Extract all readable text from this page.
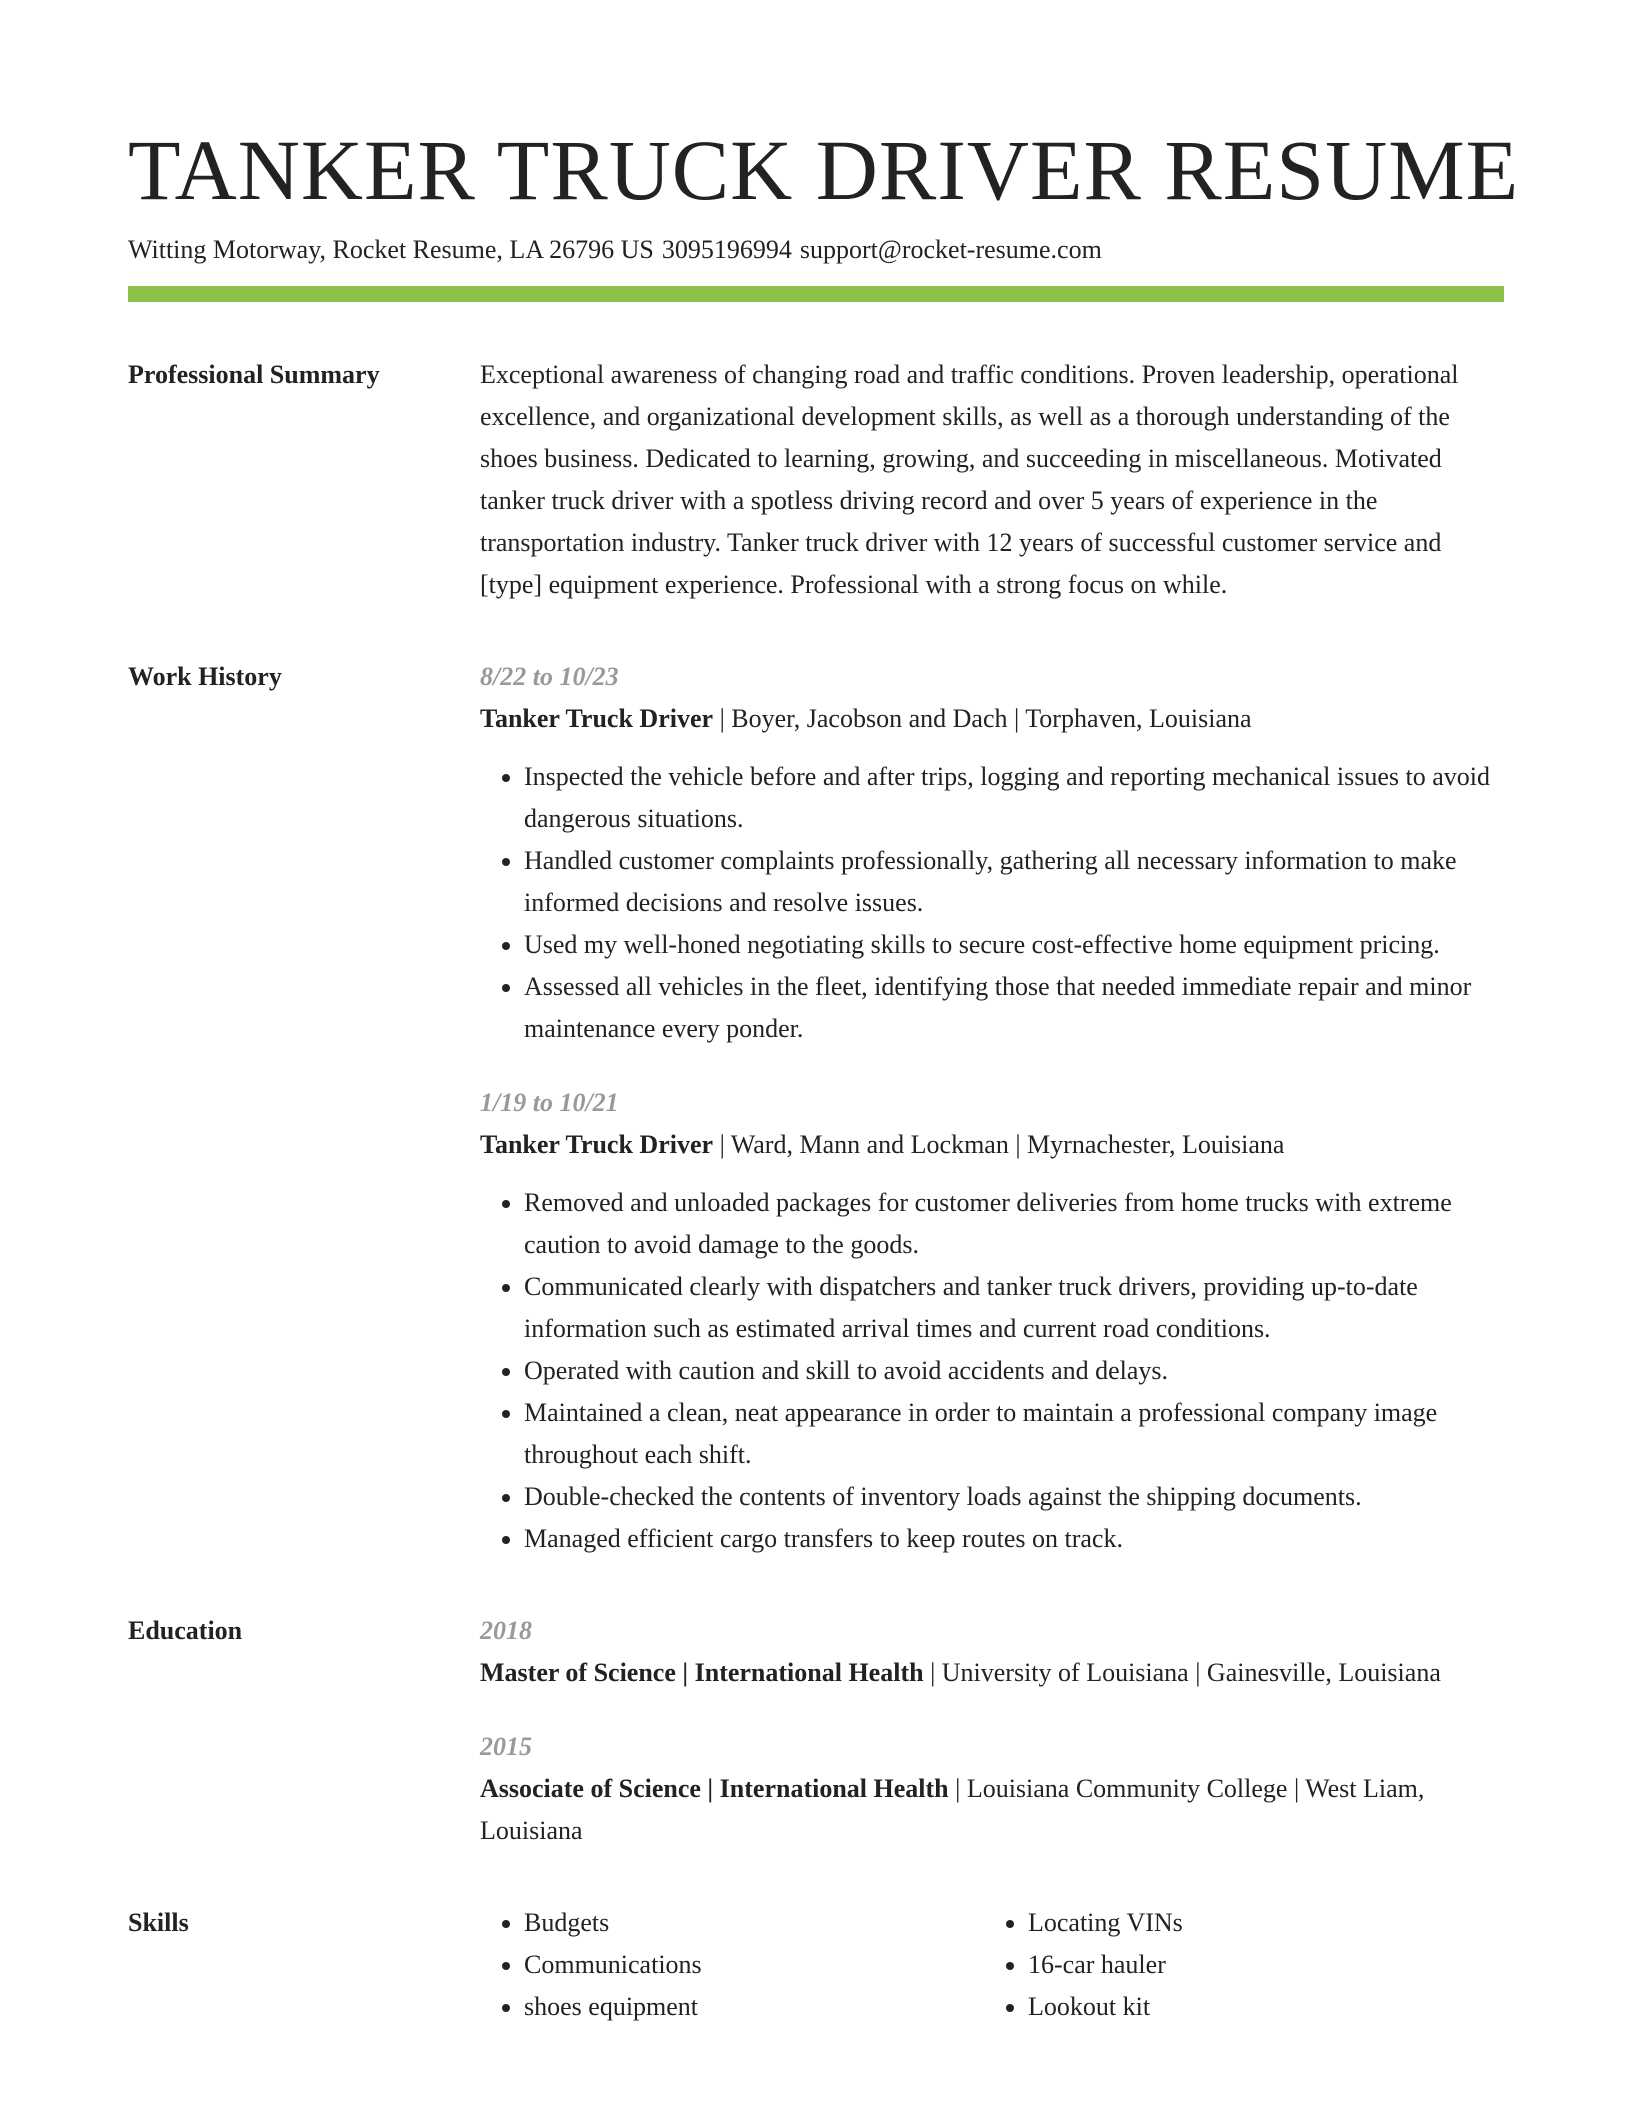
TANKER TRUCK DRIVER RESUME
Witting Motorway, Rocket Resume, LA 26796 US 3095196994 support@rocket-resume.com
Professional Summary	Exceptional awareness of changing road and traffic conditions. Proven leadership, operational excellence, and organizational development skills, as well as a thorough understanding of the shoes business. Dedicated to learning, growing, and succeeding in miscellaneous. Motivated tanker truck driver with a spotless driving record and over 5 years of experience in the transportation industry. Tanker truck driver with 12 years of successful customer service and [type] equipment experience. Professional with a strong focus on while.

Work History	8/22 to 10/23
Tanker Truck Driver | Boyer, Jacobson and Dach | Torphaven, Louisiana
• Inspected the vehicle before and after trips, logging and reporting mechanical issues to avoid dangerous situations.
• Handled customer complaints professionally, gathering all necessary information to make informed decisions and resolve issues.
• Used my well-honed negotiating skills to secure cost-effective home equipment pricing.
• Assessed all vehicles in the fleet, identifying those that needed immediate repair and minor maintenance every ponder.
1/19 to 10/21
Tanker Truck Driver | Ward, Mann and Lockman | Myrnachester, Louisiana
• Removed and unloaded packages for customer deliveries from home trucks with extreme caution to avoid damage to the goods.
• Communicated clearly with dispatchers and tanker truck drivers, providing up-to-date information such as estimated arrival times and current road conditions.
• Operated with caution and skill to avoid accidents and delays.
• Maintained a clean, neat appearance in order to maintain a professional company image throughout each shift.
• Double-checked the contents of inventory loads against the shipping documents.
• Managed efficient cargo transfers to keep routes on track.
Education	2018
Master of Science | International Health | University of Louisiana | Gainesville, Louisiana
2015
Associate of Science | International Health | Louisiana Community College | West Liam, Louisiana
Skills
•	Budgets
• Communications
• shoes equipment
• Locating VINs
• 16-car hauler
• Lookout kit
